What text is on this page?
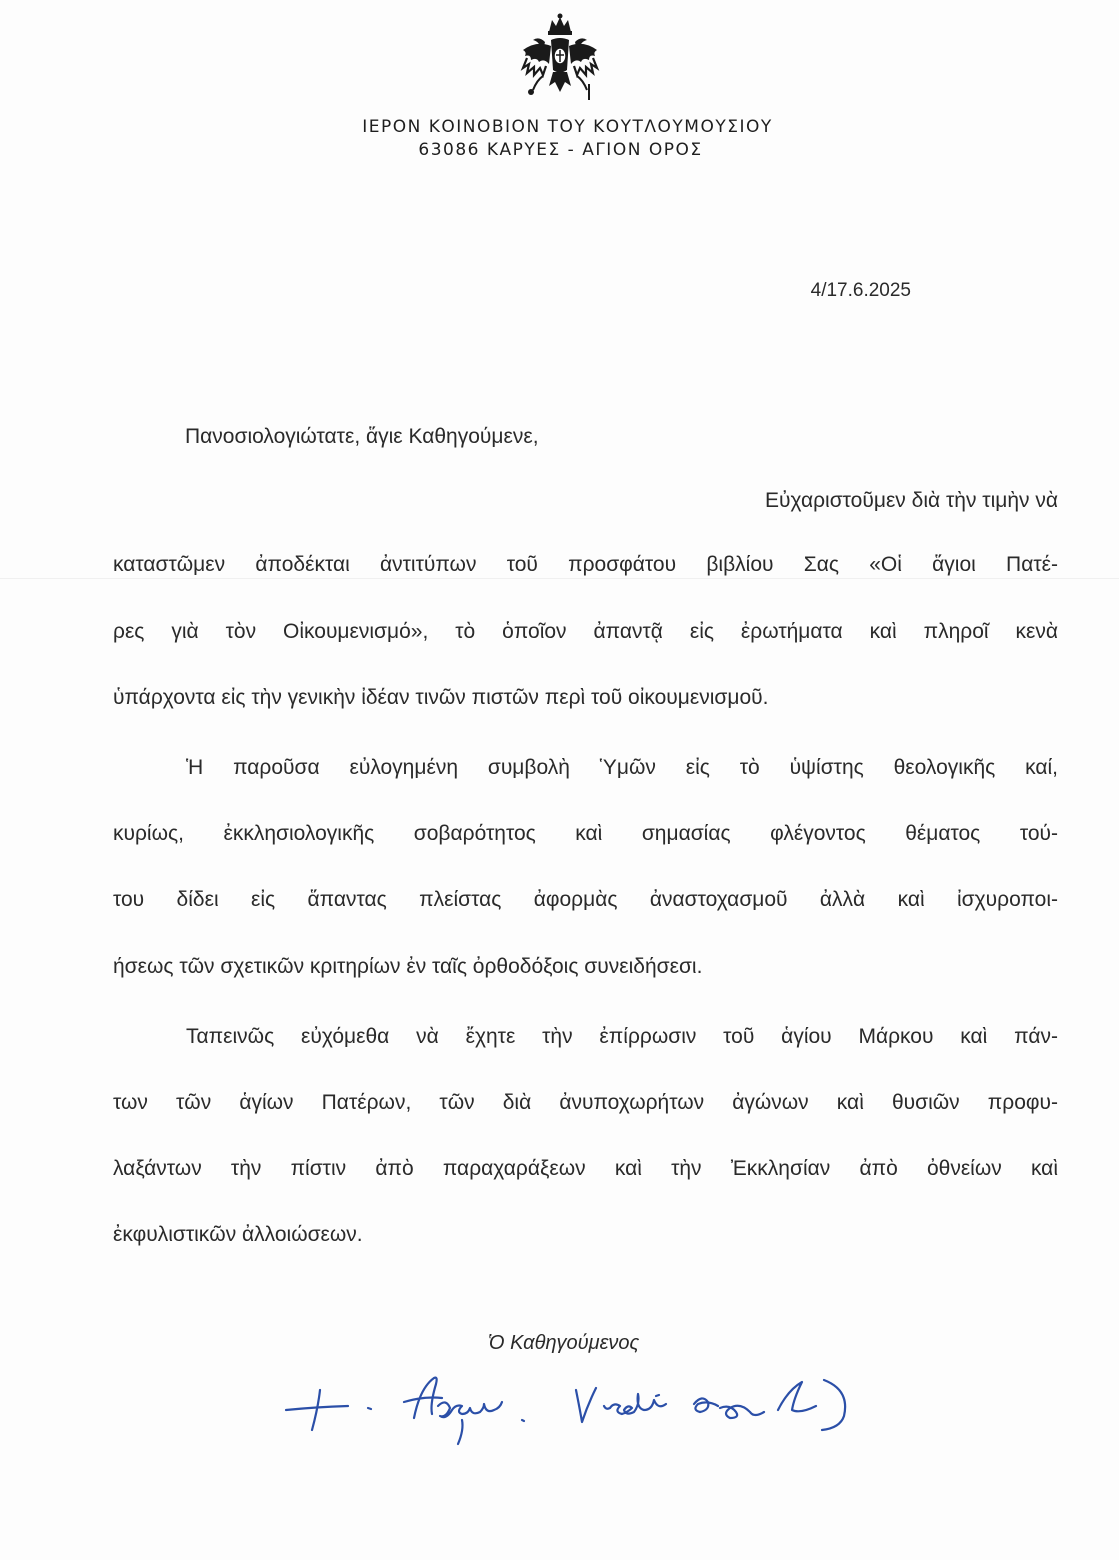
ΙΕΡΟΝ ΚΟΙΝΟΒΙΟΝ ΤΟΥ ΚΟΥΤΛΟΥΜΟΥΣΙΟΥ
63086 ΚΑΡΥΕΣ - ΑΓΙΟΝ ΟΡΟΣ
4/17.6.2025
Πανοσιολογιώτατε, ἅγιε Καθηγούμενε,
Εὐχαριστοῦμεν διὰ τὴν τιμὴν νὰ
καταστῶμεν ἀποδέκται ἀντιτύπων τοῦ προσφάτου βιβλίου Σας «Οἱ ἅγιοι Πατέ-
ρες γιὰ τὸν Οἰκουμενισμό», τὸ ὁποῖον ἀπαντᾷ εἰς ἐρωτήματα καὶ πληροῖ κενὰ
ὑπάρχοντα εἰς τὴν γενικὴν ἰδέαν τινῶν πιστῶν περὶ τοῦ οἰκουμενισμοῦ.
Ἡ παροῦσα εὐλογημένη συμβολὴ Ὑμῶν εἰς τὸ ὑψίστης θεολογικῆς καί,
κυρίως, ἐκκλησιολογικῆς σοβαρότητος καὶ σημασίας φλέγοντος θέματος τού-
του δίδει εἰς ἅπαντας πλείστας ἀφορμὰς ἀναστοχασμοῦ ἀλλὰ καὶ ἰσχυροποι-
ήσεως τῶν σχετικῶν κριτηρίων ἐν ταῖς ὀρθοδόξοις συνειδήσεσι.
Ταπεινῶς εὐχόμεθα νὰ ἔχητε τὴν ἐπίρρωσιν τοῦ ἁγίου Μάρκου καὶ πάν-
των τῶν ἁγίων Πατέρων, τῶν διὰ ἀνυποχωρήτων ἀγώνων καὶ θυσιῶν προφυ-
λαξάντων τὴν πίστιν ἀπὸ παραχαράξεων καὶ τὴν Ἐκκλησίαν ἀπὸ ὀθνείων καὶ
ἐκφυλιστικῶν ἀλλοιώσεων.
Ὁ Καθηγούμενος
